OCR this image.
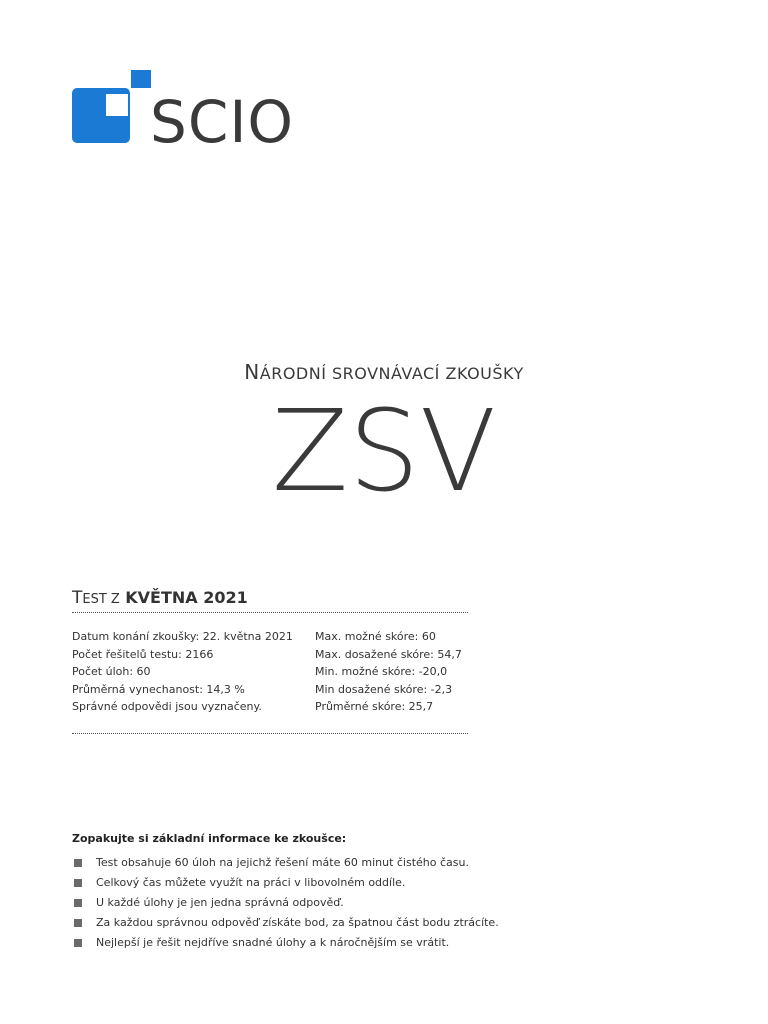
SCIO
NÁRODNÍ SROVNÁVACÍ ZKOUŠKY
ZSV
TEST Z KVĚTNA 2021
Datum konání zkoušky: 22. května 2021
Počet řešitelů testu: 2166
Počet úloh: 60
Průměrná vynechanost: 14,3 %
Správné odpovědi jsou vyznačeny.
Max. možné skóre: 60
Max. dosažené skóre: 54,7
Min. možné skóre: -20,0
Min dosažené skóre: -2,3
Průměrné skóre: 25,7
Zopakujte si základní informace ke zkoušce:
Test obsahuje 60 úloh na jejichž řešení máte 60 minut čistého času.
Celkový čas můžete využít na práci v libovolném oddíle.
U každé úlohy je jen jedna správná odpověď.
Za každou správnou odpověď získáte bod, za špatnou část bodu ztrácíte.
Nejlepší je řešit nejdříve snadné úlohy a k náročnějším se vrátit.
